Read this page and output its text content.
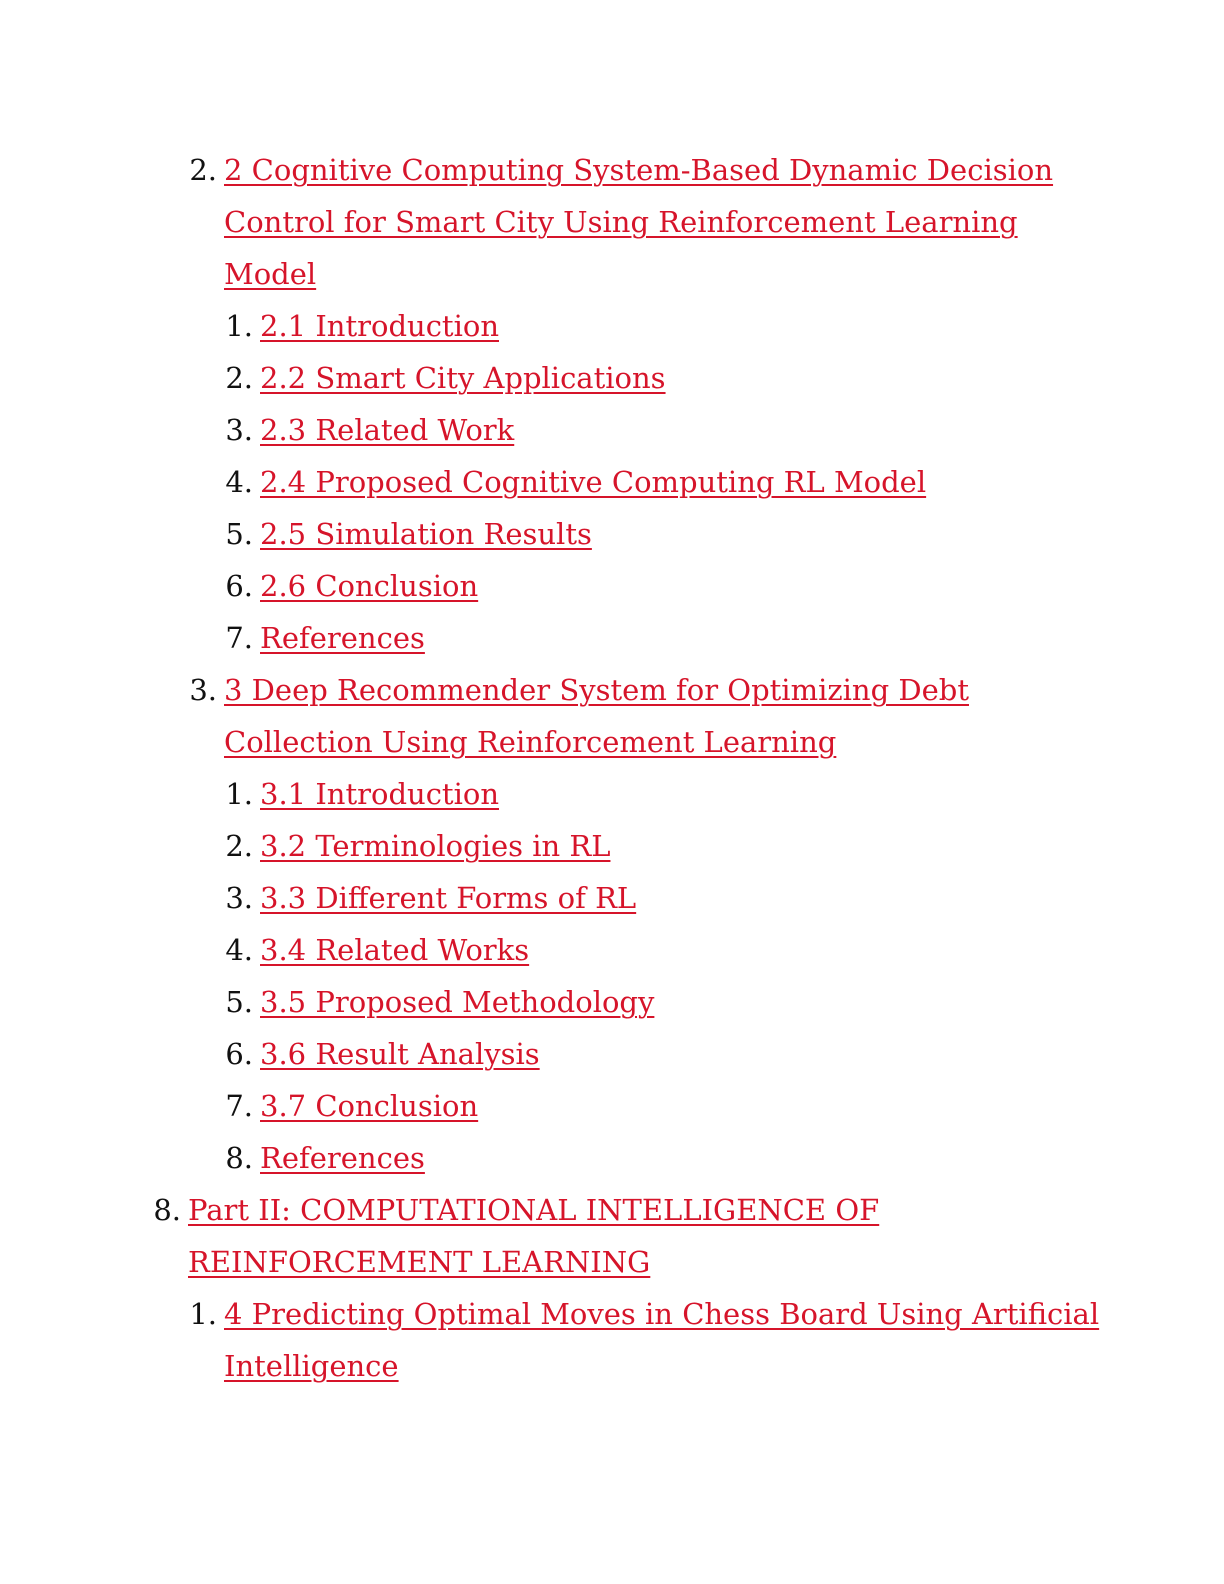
2. 2 Cognitive Computing System-Based Dynamic Decision
Control for Smart City Using Reinforcement Learning
Model
1. 2.1 Introduction
2. 2.2 Smart City Applications
3. 2.3 Related Work
4. 2.4 Proposed Cognitive Computing RL Model
5. 2.5 Simulation Results
6. 2.6 Conclusion
7. References
3. 3 Deep Recommender System for Optimizing Debt
Collection Using Reinforcement Learning
1. 3.1 Introduction
2. 3.2 Terminologies in RL
3. 3.3 Different Forms of RL
4. 3.4 Related Works
5. 3.5 Proposed Methodology
6. 3.6 Result Analysis
7. 3.7 Conclusion
8. References
8. Part II: COMPUTATIONAL INTELLIGENCE OF
REINFORCEMENT LEARNING
1. 4 Predicting Optimal Moves in Chess Board Using Artificial
Intelligence
